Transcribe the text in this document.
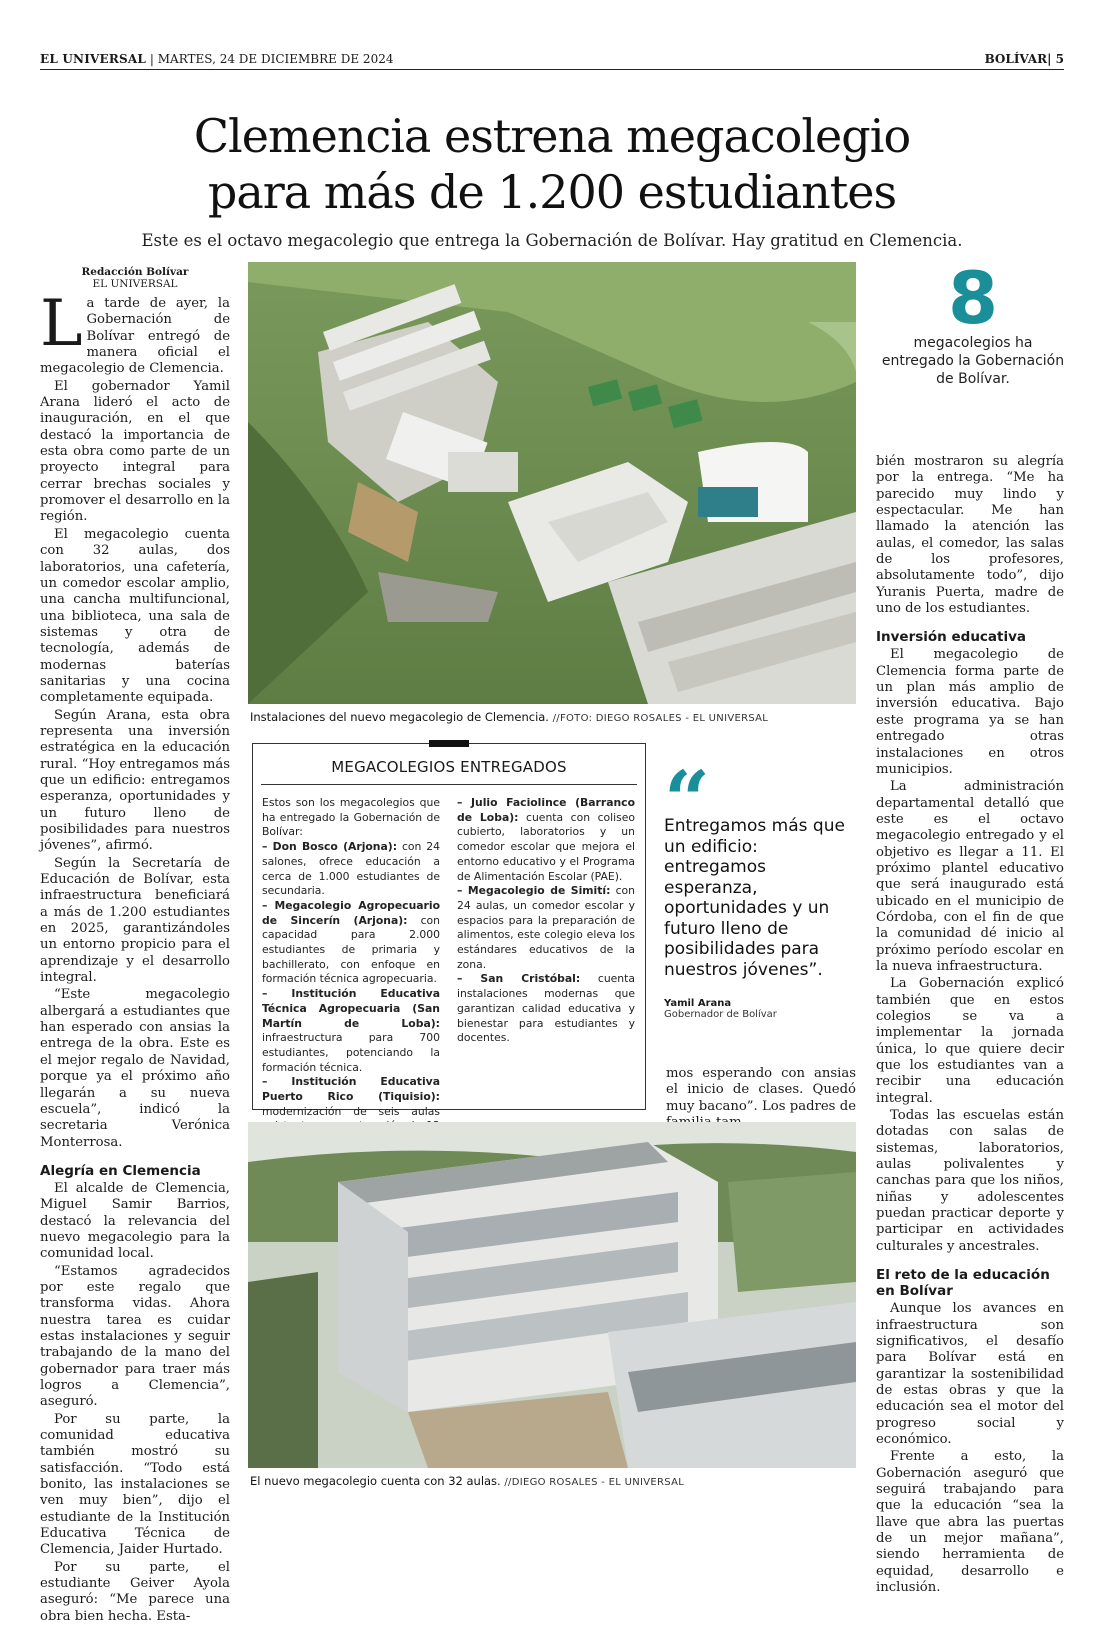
EL UNIVERSAL | MARTES, 24 DE DICIEMBRE DE 2024	BOLÍVAR| 5
Clemencia estrena megacolegio
para más de 1.200 estudiantes
Este es el octavo megacolegio que entrega la Gobernación de Bolívar. Hay gratitud en Clemencia.
Redacción Bolívar
EL UNIVERSAL

La tarde de ayer, la Gobernación de Bolívar entregó de manera oficial el megacolegio de Clemencia.

El gobernador Yamil Arana lideró el acto de inauguración, en el que destacó la importancia de esta obra como parte de un proyecto integral para cerrar brechas sociales y promover el desarrollo en la región.

El megacolegio cuenta con 32 aulas, dos laboratorios, una cafetería, un comedor escolar amplio, una cancha multifuncional, una biblioteca, una sala de sistemas y otra de tecnología, además de modernas baterías sanitarias y una cocina completamente equipada.

Según Arana, esta obra representa una inversión estratégica en la educación rural. “Hoy entregamos más que un edificio: entregamos esperanza, oportunidades y un futuro lleno de posibilidades para nuestros jóvenes”, afirmó.

Según la Secretaría de Educación de Bolívar, esta infraestructura beneficiará a más de 1.200 estudiantes en 2025, garantizándoles un entorno propicio para el aprendizaje y el desarrollo integral.

“Este megacolegio albergará a estudiantes que han esperado con ansias la entrega de la obra. Este es el mejor regalo de Navidad, porque ya el próximo año llegarán a su nueva escuela”, indicó la secretaria Verónica Monterrosa.

Alegría en Clemencia

El alcalde de Clemencia, Miguel Samir Barrios, destacó la relevancia del nuevo megacolegio para la comunidad local.

“Estamos agradecidos por este regalo que transforma vidas. Ahora nuestra tarea es cuidar estas instalaciones y seguir trabajando de la mano del gobernador para traer más logros a Clemencia”, aseguró.

Por su parte, la comunidad educativa también mostró su satisfacción. “Todo está bonito, las instalaciones se ven muy bien”, dijo el estudiante de la Institución Educativa Técnica de Clemencia, Jaider Hurtado.

Por su parte, el estudiante Geiver Ayola aseguró: “Me parece una obra bien hecha. Esta-

Instalaciones del nuevo megacolegio de Clemencia. //FOTO: DIEGO ROSALES - EL UNIVERSAL
MEGACOLEGIOS ENTREGADOS
Estos son los megacolegios que ha entregado la Gobernación de Bolívar:
– Don Bosco (Arjona): con 24 salones, ofrece educación a cerca de 1.000 estudiantes de secundaria.
– Megacolegio Agropecuario de Sincerín (Arjona): con capacidad para 2.000 estudiantes de primaria y bachillerato, con enfoque en formación técnica agropecuaria.
– Institución Educativa Técnica Agropecuaria (San Martín de Loba): infraestructura para 700 estudiantes, potenciando la formación técnica.
– Institución Educativa Puerto Rico (Tiquisio): modernización de seis aulas
– Julio Faciolince (Barranco de Loba): cuenta con coliseo cubierto, laboratorios y un comedor escolar que mejora el entorno educativo y el Programa de Alimentación Escolar (PAE).
– Megacolegio de Simití: con 24 aulas, un comedor escolar y espacios para la preparación de alimentos, este colegio eleva los estándares educativos de la zona.
– San Cristóbal: cuenta instalaciones modernas que garantizan calidad educativa y bienestar para estudiantes y docentes.
“
Entregamos más que un edificio: entregamos esperanza, oportunidades y un futuro lleno de posibilidades para nuestros jóvenes”.
Yamil Arana
Gobernador de Bolívar

mos esperando con ansias el inicio de clases. Quedó muy bacano”. Los padres de

8
megacolegios ha entregado la Gobernación de Bolívar.

bién mostraron su alegría por la entrega. “Me ha parecido muy lindo y espectacular. Me han llamado la atención las aulas, el comedor, las salas de los profesores, absolutamente todo”, dijo Yuranis Puerta, madre de uno de los estudiantes.

Inversión educativa

El megacolegio de Clemencia forma parte de un plan más amplio de inversión educativa. Bajo este programa ya se han entregado otras instalaciones en otros municipios.

La administración departamental detalló que este es el octavo megacolegio entregado y el objetivo es llegar a 11. El próximo plantel educativo que será inaugurado está ubicado en el municipio de Córdoba, con el fin de que la comunidad dé inicio al próximo período escolar en la nueva infraestructura.

La Gobernación explicó también que en estos colegios se va a implementar la jornada única, lo que quiere decir que los estudiantes van a recibir una educación integral.

Todas las escuelas están dotadas con salas de sistemas, laboratorios, aulas polivalentes y canchas para que los niños, niñas y adolescentes puedan practicar deporte y participar en actividades culturales y ancestrales.

El reto de la educación en Bolívar

Aunque los avances en infraestructura son significativos, el desafío para Bolívar está en garantizar la sostenibilidad de estas obras y que la educación sea el motor del progreso social y económico.

Frente a esto, la Gobernación aseguró que seguirá trabajando para que la educación “sea la llave que abra las puertas de un mejor mañana”, siendo herramienta de equidad, desarrollo e inclusión.

El nuevo megacolegio cuenta con 32 aulas. //DIEGO ROSALES - EL UNIVERSAL
